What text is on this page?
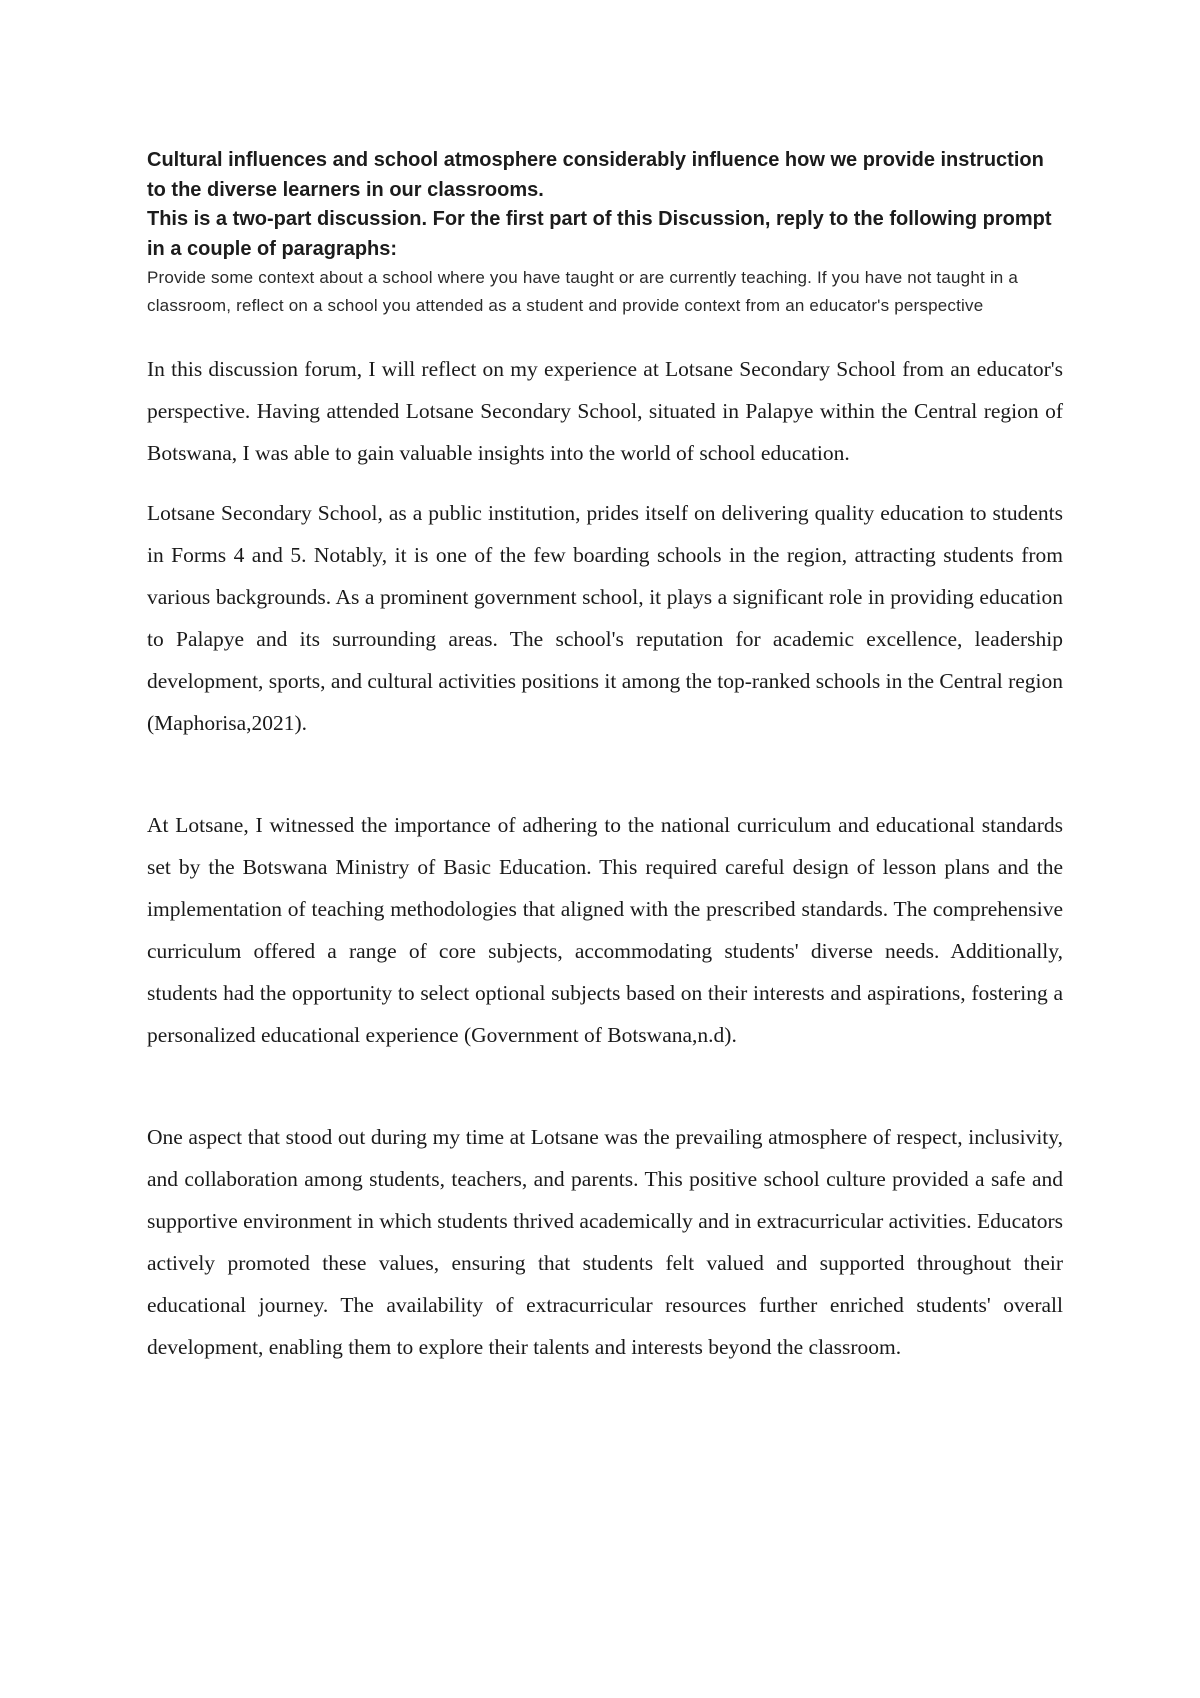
Cultural influences and school atmosphere considerably influence how we provide instruction to the diverse learners in our classrooms.

This is a two-part discussion. For the first part of this Discussion, reply to the following prompt in a couple of paragraphs:

Provide some context about a school where you have taught or are currently teaching. If you have not taught in a classroom, reflect on a school you attended as a student and provide context from an educator's perspective

In this discussion forum, I will reflect on my experience at Lotsane Secondary School from an educator's perspective. Having attended Lotsane Secondary School, situated in Palapye within the Central region of Botswana, I was able to gain valuable insights into the world of school education.

Lotsane Secondary School, as a public institution, prides itself on delivering quality education to students in Forms 4 and 5. Notably, it is one of the few boarding schools in the region, attracting students from various backgrounds. As a prominent government school, it plays a significant role in providing education to Palapye and its surrounding areas. The school's reputation for academic excellence, leadership development, sports, and cultural activities positions it among the top-ranked schools in the Central region (Maphorisa,2021).

At Lotsane, I witnessed the importance of adhering to the national curriculum and educational standards set by the Botswana Ministry of Basic Education. This required careful design of lesson plans and the implementation of teaching methodologies that aligned with the prescribed standards. The comprehensive curriculum offered a range of core subjects, accommodating students' diverse needs. Additionally, students had the opportunity to select optional subjects based on their interests and aspirations, fostering a personalized educational experience (Government of Botswana,n.d).

One aspect that stood out during my time at Lotsane was the prevailing atmosphere of respect, inclusivity, and collaboration among students, teachers, and parents. This positive school culture provided a safe and supportive environment in which students thrived academically and in extracurricular activities. Educators actively promoted these values, ensuring that students felt valued and supported throughout their educational journey. The availability of extracurricular resources further enriched students' overall development, enabling them to explore their talents and interests beyond the classroom.
